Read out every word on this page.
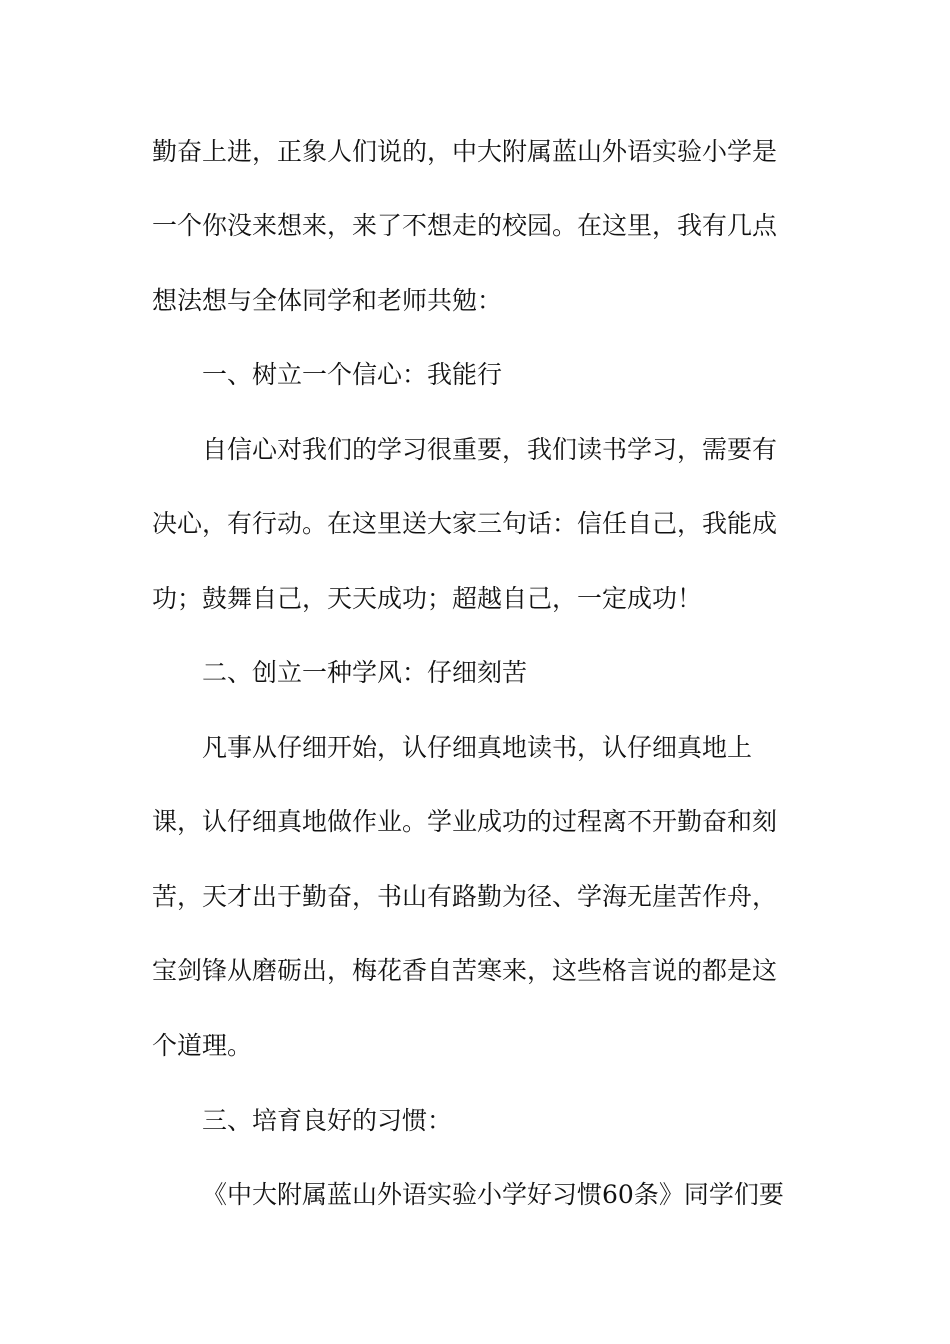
勤奋上进，正象人们说的，中大附属蓝山外语实验小学是
一个你没来想来，来了不想走的校园。在这里，我有几点
想法想与全体同学和老师共勉：
一、树立一个信心：我能行
自信心对我们的学习很重要，我们读书学习，需要有
决心，有行动。在这里送大家三句话：信任自己，我能成
功；鼓舞自己，天天成功；超越自己，一定成功！
二、创立一种学风：仔细刻苦
凡事从仔细开始，认仔细真地读书，认仔细真地上
课，认仔细真地做作业。学业成功的过程离不开勤奋和刻
苦，天才出于勤奋，书山有路勤为径、学海无崖苦作舟，
宝剑锋从磨砺出，梅花香自苦寒来，这些格言说的都是这
个道理。
三、培育良好的习惯：
《中大附属蓝山外语实验小学好习惯60条》同学们要
